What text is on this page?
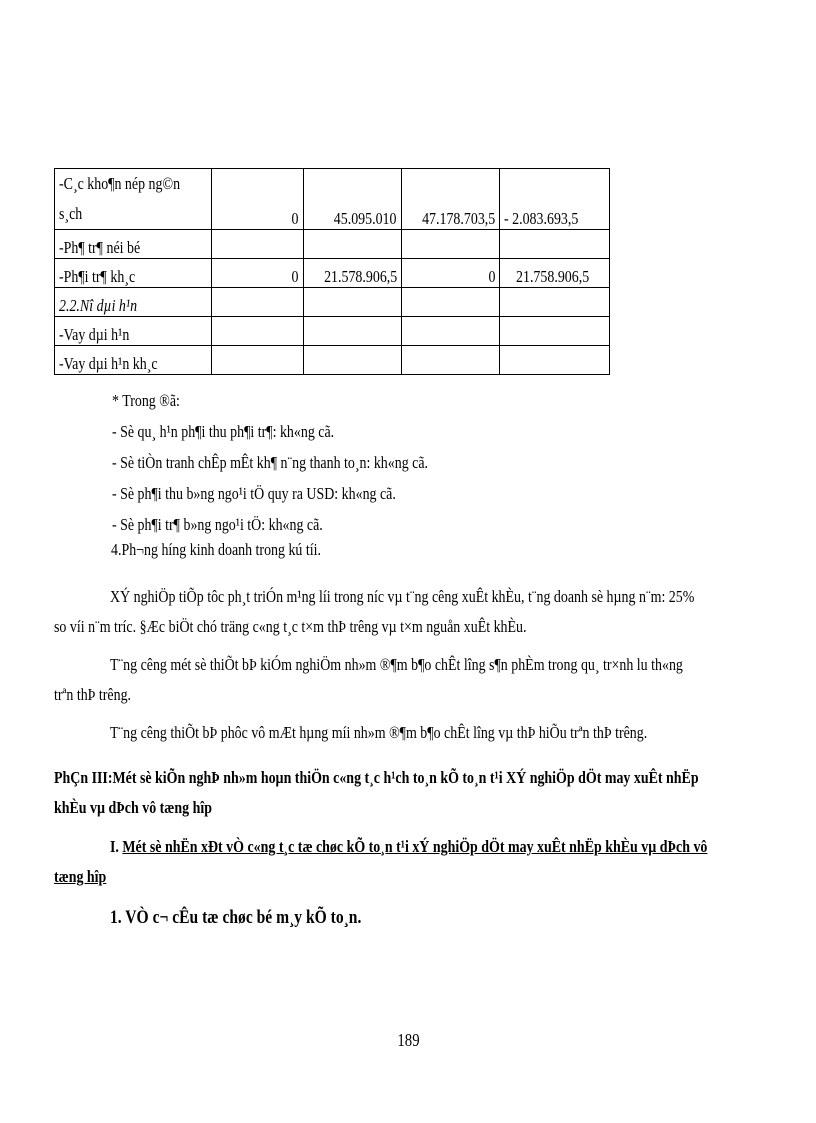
-C¸c kho¶n nép ng©n
s¸ch	0	45.095.010	47.178.703,5	- 2.083.693,5
-Ph¶ tr¶ néi bé				
-Ph¶i tr¶ kh¸c	0	21.578.906,5	0	21.758.906,5
2.2.Nî dµi h¹n				
-Vay dµi h¹n				
-Vay dµi h¹n kh¸c				
* Trong ®ã:
- Sè qu¸ h¹n ph¶i thu ph¶i tr¶: kh«ng cã.
- Sè tiÒn tranh chÊp mÊt kh¶ n¨ng thanh to¸n: kh«ng cã.
- Sè ph¶i thu b»ng ngo¹i tÖ quy ra USD: kh«ng cã.
- Sè ph¶i tr¶ b»ng ngo¹i tÖ: kh«ng cã.
4.Ph¬ng híng kinh doanh trong kú tíi.
XÝ nghiÖp tiÕp tôc ph¸t triÓn m¹ng líi trong níc vµ t¨ng cêng xuÊt khÈu, t¨ng doanh sè hµng n¨m: 25%
so víi n¨m tríc. §Æc biÖt chó träng c«ng t¸c t×m thÞ trêng vµ t×m nguån xuÊt khÈu.
T¨ng cêng mét sè thiÕt bÞ kiÓm nghiÖm nh»m ®¶m b¶o chÊt lîng s¶n phÈm trong qu¸ tr×nh lu th«ng
trªn thÞ trêng.
T¨ng cêng thiÕt bÞ phôc vô mÆt hµng míi nh»m ®¶m b¶o chÊt lîng vµ thÞ hiÕu trªn thÞ trêng.
PhÇn III:Mét sè kiÕn nghÞ nh»m hoµn thiÖn c«ng t¸c h¹ch to¸n kÕ to¸n t¹i XÝ nghiÖp dÖt may xuÊt nhËp
khÈu vµ dÞch vô tæng hîp
I. Mét sè nhËn xÐt vÒ c«ng t¸c tæ chøc kÕ to¸n t¹i xÝ nghiÖp dÖt may xuÊt nhËp khÈu vµ dÞch vô
tæng hîp
1. VÒ c¬ cÊu tæ chøc bé m¸y kÕ to¸n.
189
